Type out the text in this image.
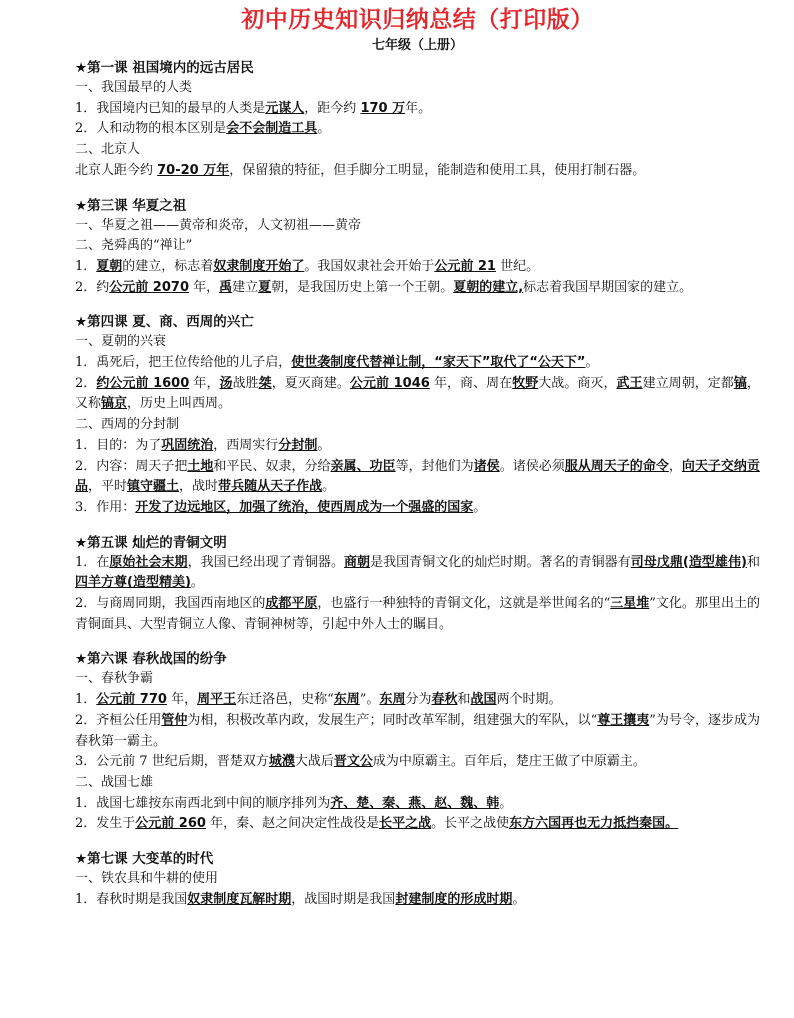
初中历史知识归纳总结（打印版）
七年级（上册）
★第一课 祖国境内的远古居民
一、我国最早的人类
1．我国境内已知的最早的人类是元谋人，距今约 170 万年。
2．人和动物的根本区别是会不会制造工具。
二、北京人
北京人距今约 70-20 万年，保留猿的特征，但手脚分工明显，能制造和使用工具，使用打制石器。
★第三课 华夏之祖
一、华夏之祖——黄帝和炎帝，人文初祖——黄帝
二、尧舜禹的“禅让”
1．夏朝的建立，标志着奴隶制度开始了。我国奴隶社会开始于公元前 21 世纪。
2．约公元前 2070 年，禹建立夏朝，是我国历史上第一个王朝。夏朝的建立,标志着我国早期国家的建立。
★第四课 夏、商、西周的兴亡
一、夏朝的兴衰
1．禹死后，把王位传给他的儿子启，使世袭制度代替禅让制，“家天下”取代了“公天下”。
2．约公元前 1600 年，汤战胜桀，夏灭商建。公元前 1046 年，商、周在牧野大战。商灭，武王建立周朝，定都镐，又称镐京，历史上叫西周。
二、西周的分封制
1．目的：为了巩固统治，西周实行分封制。
2．内容：周天子把土地和平民、奴隶，分给亲属、功臣等，封他们为诸侯。诸侯必须服从周天子的命令，向天子交纳贡品，平时镇守疆土，战时带兵随从天子作战。
3．作用：开发了边远地区，加强了统治，使西周成为一个强盛的国家。
★第五课 灿烂的青铜文明
1．在原始社会末期，我国已经出现了青铜器。商朝是我国青铜文化的灿烂时期。著名的青铜器有司母戊鼎(造型雄伟)和四羊方尊(造型精美)。
2．与商周同期，我国西南地区的成都平原，也盛行一种独特的青铜文化，这就是举世闻名的“三星堆”文化。那里出土的青铜面具、大型青铜立人像、青铜神树等，引起中外人士的瞩目。
★第六课 春秋战国的纷争
一、春秋争霸
1．公元前 770 年，周平王东迁洛邑，史称“东周”。东周分为春秋和战国两个时期。
2．齐桓公任用管仲为相，积极改革内政，发展生产；同时改革军制，组建强大的军队，以“尊王攘夷”为号令，逐步成为春秋第一霸主。
3．公元前 7 世纪后期，晋楚双方城濮大战后晋文公成为中原霸主。百年后，楚庄王做了中原霸主。
二、战国七雄
1．战国七雄按东南西北到中间的顺序排列为齐、楚、秦、燕、赵、魏、韩。
2．发生于公元前 260 年，秦、赵之间决定性战役是长平之战。长平之战使东方六国再也无力抵挡秦国。
★第七课 大变革的时代
一、铁农具和牛耕的使用
1．春秋时期是我国奴隶制度瓦解时期，战国时期是我国封建制度的形成时期。
